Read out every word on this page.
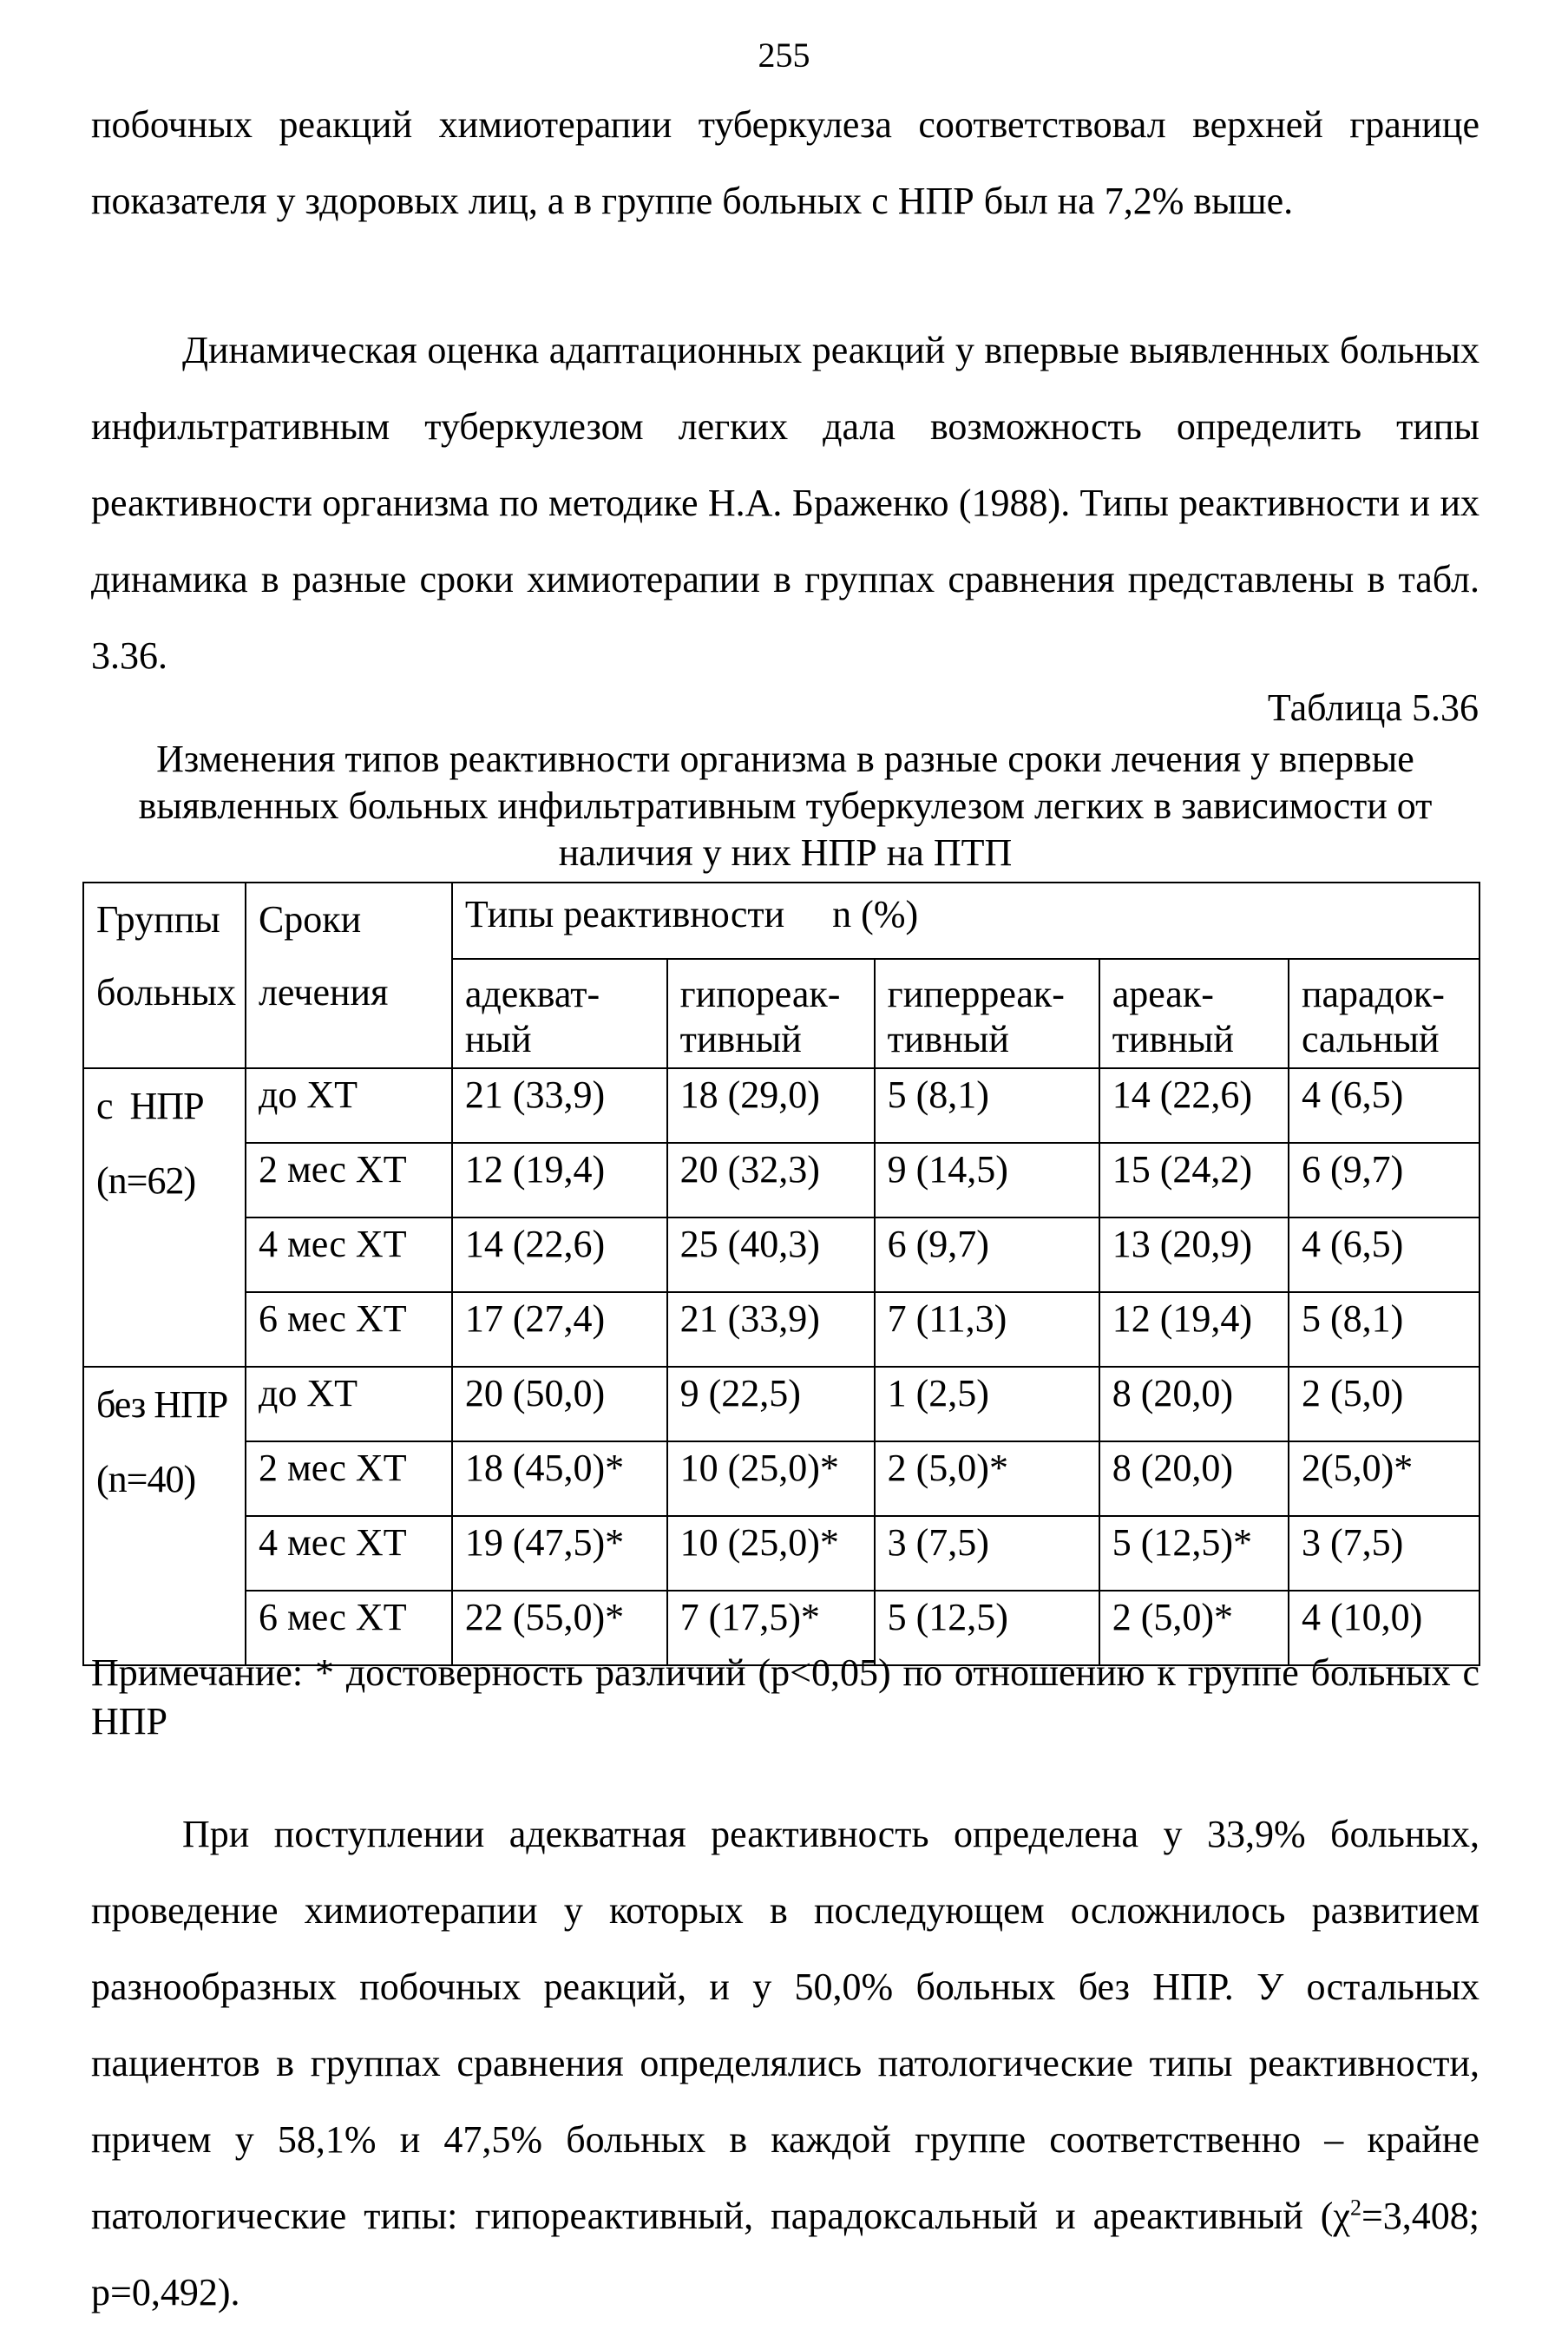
255

побочных реакций химиотерапии туберкулеза соответствовал верхней границе показателя у здоровых лиц, а в группе больных с НПР был на 7,2% выше.

Динамическая оценка адаптационных реакций у впервые выявленных больных инфильтративным туберкулезом легких дала возможность определить типы реактивности организма по методике Н.А. Браженко (1988). Типы реактивности и их динамика в разные сроки химиотерапии в группах сравнения представлены в табл. 3.36.

Таблица 5.36

Изменения типов реактивности организма в разные сроки лечения у впервые выявленных больных инфильтративным туберкулезом легких в зависимости от наличия у них НПР на ПТП

Группы больных	Сроки лечения	Типы реактивности     n (%)				
		адекват-ный	гипореак-тивный	гиперреак-тивный	ареак-тивный	парадок-сальный

с  НПР
(n=62)	до ХТ	21 (33,9)	18 (29,0)	5 (8,1)	14 (22,6)	4 (6,5)
	2 мес ХТ	12 (19,4)	20 (32,3)	9 (14,5)	15 (24,2)	6 (9,7)
	4 мес ХТ	14 (22,6)	25 (40,3)	6 (9,7)	13 (20,9)	4 (6,5)
	6 мес ХТ	17 (27,4)	21 (33,9)	7 (11,3)	12 (19,4)	5 (8,1)

без НПР
(n=40)	до ХТ	20 (50,0)	9 (22,5)	1 (2,5)	8 (20,0)	2 (5,0)
	2 мес ХТ	18 (45,0)*	10 (25,0)*	2 (5,0)*	8 (20,0)	2(5,0)*
	4 мес ХТ	19 (47,5)*	10 (25,0)*	3 (7,5)	5 (12,5)*	3 (7,5)
	6 мес ХТ	22 (55,0)*	7 (17,5)*	5 (12,5)	2 (5,0)*	4 (10,0)

Примечание: * достоверность различий (р<0,05) по отношению к группе больных с НПР

При поступлении адекватная реактивность определена у 33,9% больных, проведение химиотерапии у которых в последующем осложнилось развитием разнообразных побочных реакций, и у 50,0% больных без НПР. У остальных пациентов в группах сравнения определялись патологические типы реактивности, причем у 58,1% и 47,5% больных в каждой группе соответственно – крайне патологические типы: гипореактивный, парадоксальный и ареактивный ($\chi^2=3,408$; р=0,492).
